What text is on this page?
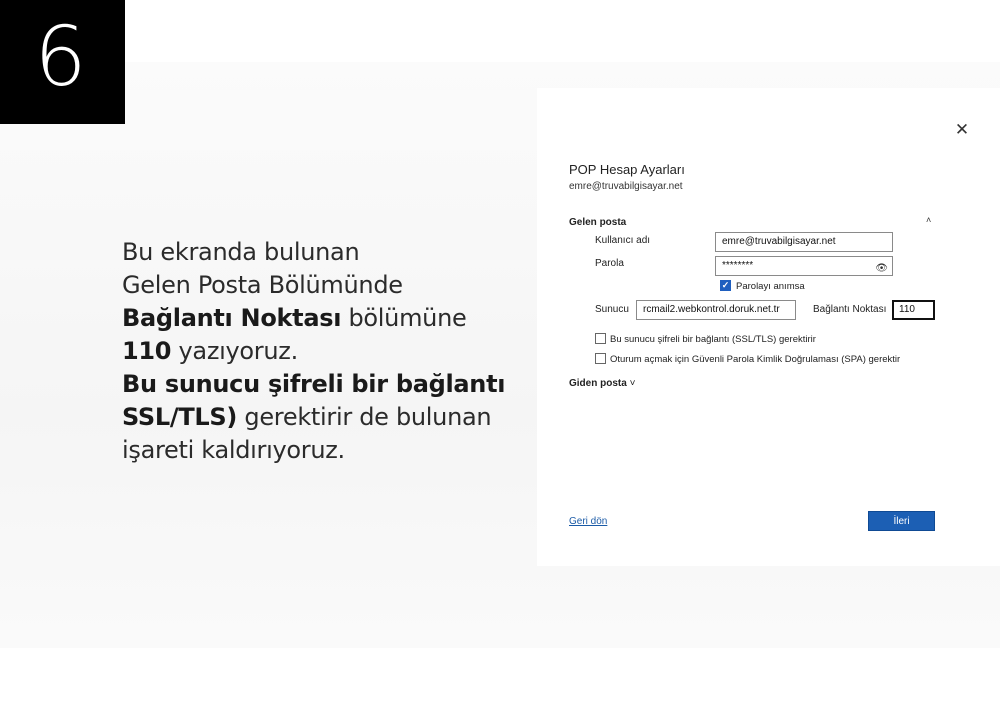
6
Bu ekranda bulunan
Gelen Posta Bölümünde
Bağlantı Noktası bölümüne
110 yazıyoruz.
Bu sunucu şifreli bir bağlantı
SSL/TLS) gerektirir de bulunan
işareti kaldırıyoruz.
✕
POP Hesap Ayarları
emre@truvabilgisayar.net
Gelen posta	˄
Kullanıcı adı	emre@truvabilgisayar.net
Parola	********	👁
✓ Parolayı anımsa
Sunucu	rcmail2.webkontrol.doruk.net.tr	Bağlantı Noktası	110
Bu sunucu şifreli bir bağlantı (SSL/TLS) gerektirir
Oturum açmak için Güvenli Parola Kimlik Doğrulaması (SPA) gerektir
Giden posta ˅
Geri dön	İleri
